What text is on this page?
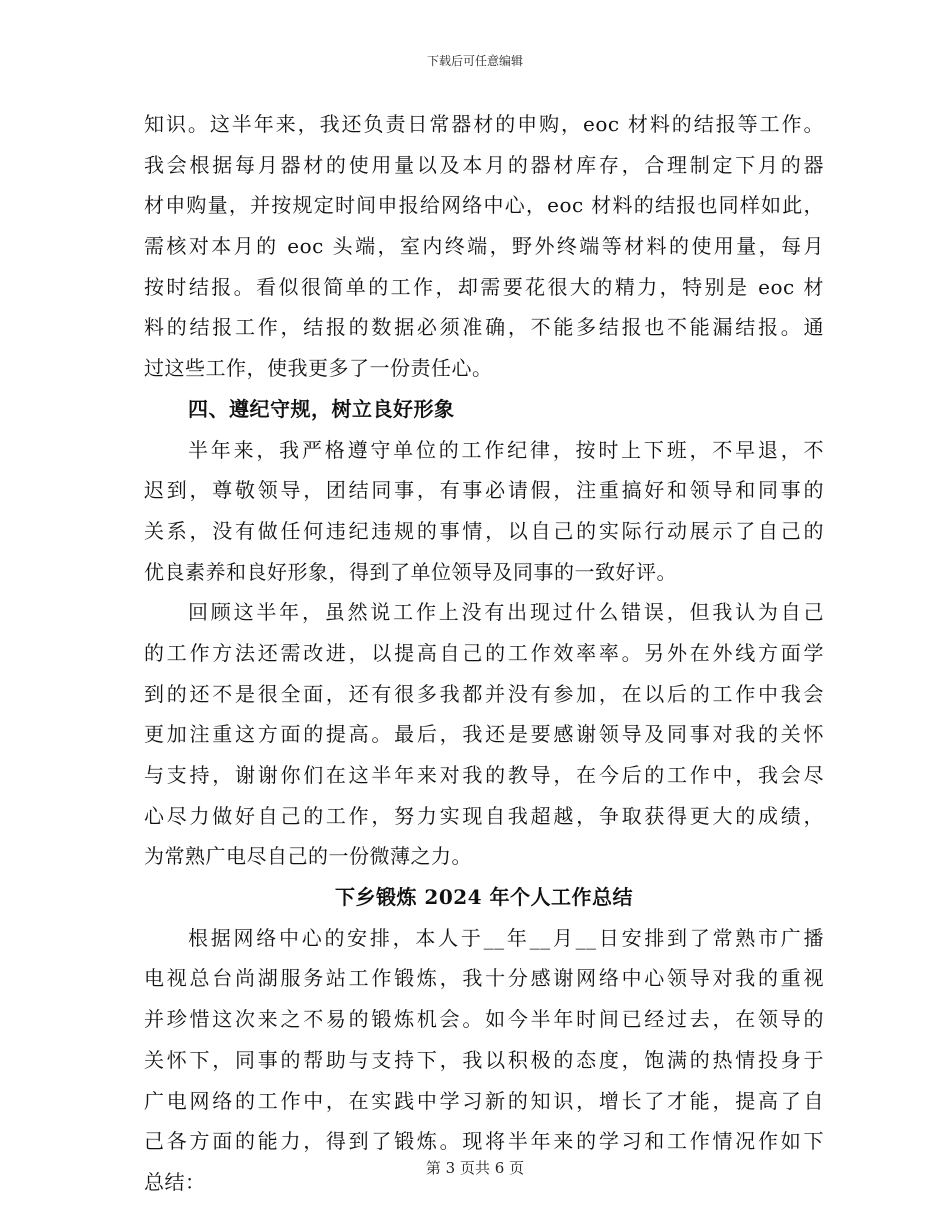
下载后可任意编辑
知识。这半年来，我还负责日常器材的申购，eoc 材料的结报等工作。
我会根据每月器材的使用量以及本月的器材库存，合理制定下月的器
材申购量，并按规定时间申报给网络中心，eoc 材料的结报也同样如此，
需核对本月的 eoc 头端，室内终端，野外终端等材料的使用量，每月
按时结报。看似很简单的工作，却需要花很大的精力，特别是 eoc 材
料的结报工作，结报的数据必须准确，不能多结报也不能漏结报。通
过这些工作，使我更多了一份责任心。
四、遵纪守规，树立良好形象
半年来，我严格遵守单位的工作纪律，按时上下班，不早退，不
迟到，尊敬领导，团结同事，有事必请假，注重搞好和领导和同事的
关系，没有做任何违纪违规的事情，以自己的实际行动展示了自己的
优良素养和良好形象，得到了单位领导及同事的一致好评。
回顾这半年，虽然说工作上没有出现过什么错误，但我认为自己
的工作方法还需改进，以提高自己的工作效率率。另外在外线方面学
到的还不是很全面，还有很多我都并没有参加，在以后的工作中我会
更加注重这方面的提高。最后，我还是要感谢领导及同事对我的关怀
与支持，谢谢你们在这半年来对我的教导，在今后的工作中，我会尽
心尽力做好自己的工作，努力实现自我超越，争取获得更大的成绩，
为常熟广电尽自己的一份微薄之力。
下乡锻炼 2024 年个人工作总结
根据网络中心的安排，本人于__年__月__日安排到了常熟市广播
电视总台尚湖服务站工作锻炼，我十分感谢网络中心领导对我的重视
并珍惜这次来之不易的锻炼机会。如今半年时间已经过去，在领导的
关怀下，同事的帮助与支持下，我以积极的态度，饱满的热情投身于
广电网络的工作中，在实践中学习新的知识，增长了才能，提高了自
己各方面的能力，得到了锻炼。现将半年来的学习和工作情况作如下
总结：
第 3 页共 6 页
